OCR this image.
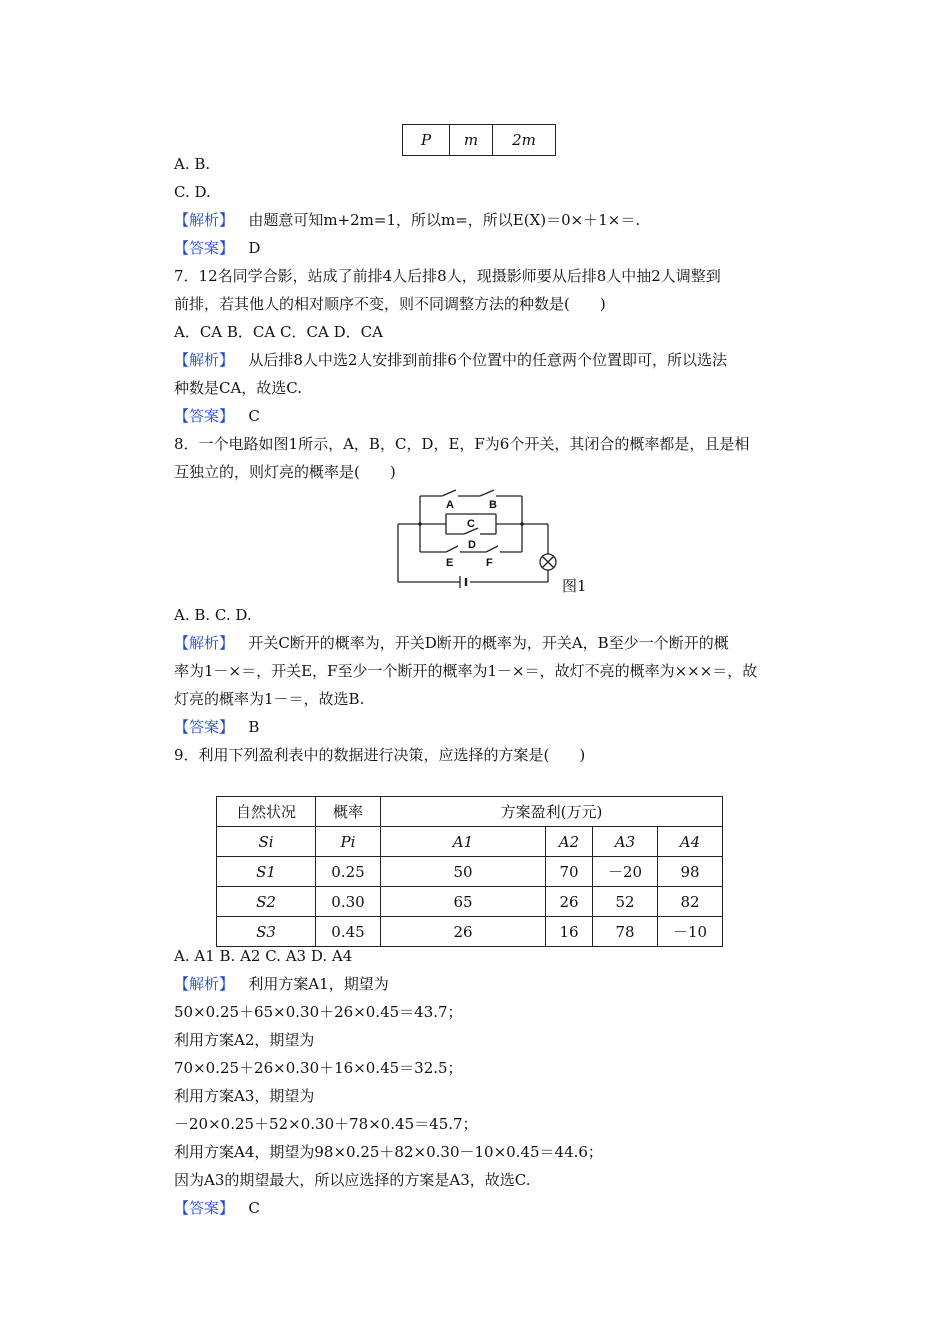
P	m	2m
A. B.
C. D.
【解析】 由题意可知m+2m=1，所以m=，所以E(X)＝0×＋1×＝.
【答案】 D
7．12名同学合影，站成了前排4人后排8人，现摄影师要从后排8人中抽2人调整到
前排，若其他人的相对顺序不变，则不同调整方法的种数是(　　)
A．CA B．CA C．CA D．CA
【解析】 从后排8人中选2人安排到前排6个位置中的任意两个位置即可，所以选法
种数是CA，故选C.
【答案】 C
8．一个电路如图1所示，A，B，C，D，E，F为6个开关，其闭合的概率都是，且是相
互独立的，则灯亮的概率是(　　)
A	B
C
D
E	F
图1
A. B. C. D.
【解析】 开关C断开的概率为，开关D断开的概率为，开关A，B至少一个断开的概
率为1－×＝，开关E，F至少一个断开的概率为1－×＝，故灯不亮的概率为×××＝，故
灯亮的概率为1－＝，故选B.
【答案】 B
9．利用下列盈利表中的数据进行决策，应选择的方案是(　　)
自然状况	概率	方案盈利(万元)			
Si	Pi	A1	A2	A3	A4
S1	0.25	50	70	－20	98
S2	0.30	65	26	52	82
S3	0.45	26	16	78	－10
A. A1 B. A2 C. A3 D. A4
【解析】 利用方案A1，期望为
50×0.25＋65×0.30＋26×0.45＝43.7；
利用方案A2，期望为
70×0.25＋26×0.30＋16×0.45＝32.5；
利用方案A3，期望为
－20×0.25＋52×0.30＋78×0.45＝45.7；
利用方案A4，期望为98×0.25＋82×0.30－10×0.45＝44.6；
因为A3的期望最大，所以应选择的方案是A3，故选C.
【答案】 C
